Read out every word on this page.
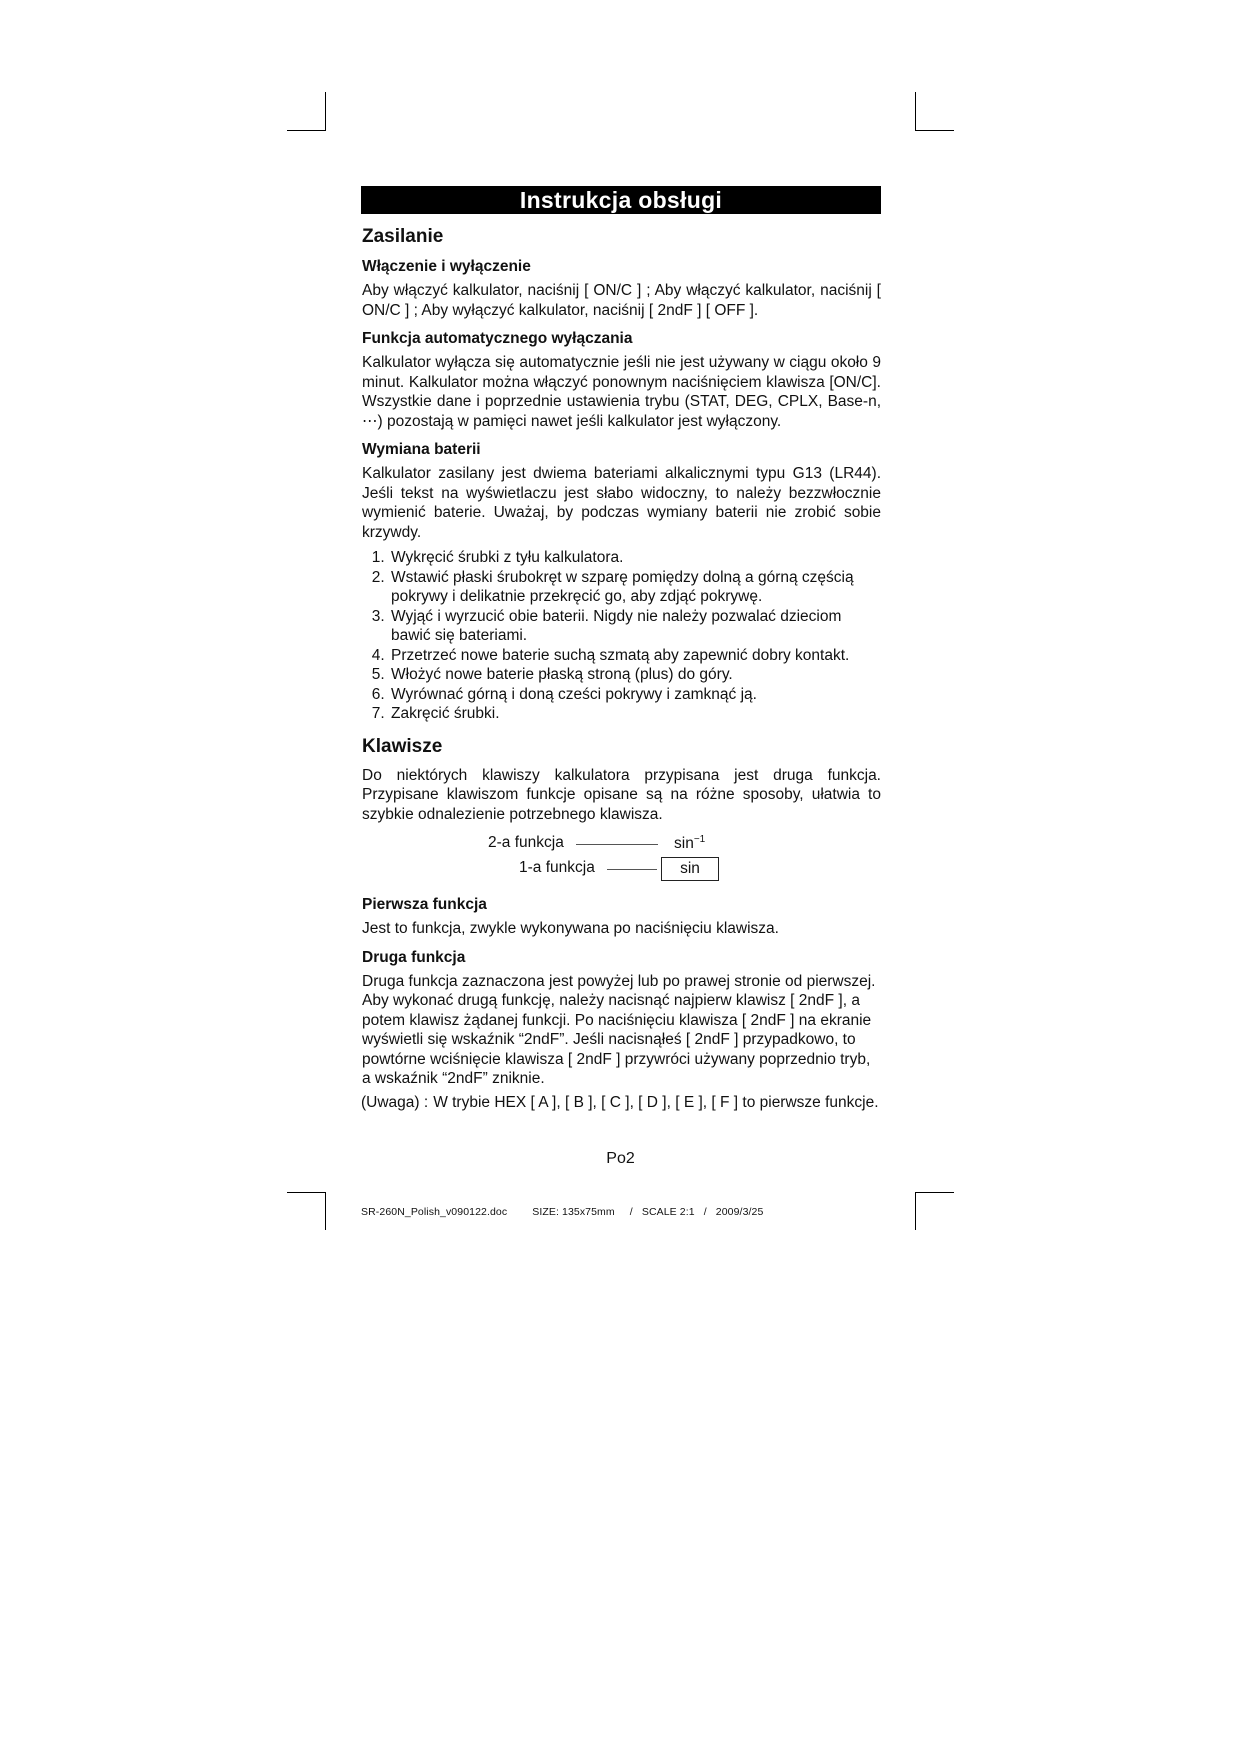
Instrukcja obsługi
Zasilanie
Włączenie i wyłączenie

Aby włączyć kalkulator, naciśnij [ ON/C ] ; Aby włączyć kalkulator, naciśnij [ ON/C ] ; Aby wyłączyć kalkulator, naciśnij [ 2ndF ] [ OFF ].

Funkcja automatycznego wyłączania

Kalkulator wyłącza się automatycznie jeśli nie jest używany w ciągu około 9 minut. Kalkulator można włączyć ponownym naciśnięciem klawisza [ON/C]. Wszystkie dane i poprzednie ustawienia trybu (STAT, DEG, CPLX, Base-n, ⋯) pozostają w pamięci nawet jeśli kalkulator jest wyłączony.

Wymiana baterii

Kalkulator zasilany jest dwiema bateriami alkalicznymi typu G13 (LR44). Jeśli tekst na wyświetlaczu jest słabo widoczny, to należy bezzwłocznie wymienić baterie. Uważaj, by podczas wymiany baterii nie zrobić sobie krzywdy.

1. Wykręcić śrubki z tyłu kalkulatora.
2. Wstawić płaski śrubokręt w szparę pomiędzy dolną a górną częścią pokrywy i delikatnie przekręcić go, aby zdjąć pokrywę.
3. Wyjąć i wyrzucić obie baterii. Nigdy nie należy pozwalać dzieciom bawić się bateriami.
4. Przetrzeć nowe baterie suchą szmatą aby zapewnić dobry kontakt.
5. Włożyć nowe baterie płaską stroną (plus) do góry.
6. Wyrównać górną i doną cześci pokrywy i zamknąć ją.
7. Zakręcić śrubki.
Klawisze

Do niektórych klawiszy kalkulatora przypisana jest druga funkcja. Przypisane klawiszom funkcje opisane są na różne sposoby, ułatwia to szybkie odnalezienie potrzebnego klawisza.

2-a funkcja	$\sin^{-1}$
1-a funkcja	sin
Pierwsza funkcja

Jest to funkcja, zwykle wykonywana po naciśnięciu klawisza.

Druga funkcja

Druga funkcja zaznaczona jest powyżej lub po prawej stronie od pierwszej. Aby wykonać drugą funkcję, należy nacisnąć najpierw klawisz [ 2ndF ], a potem klawisz żądanej funkcji. Po naciśnięciu klawisza [ 2ndF ] na ekranie wyświetli się wskaźnik “2ndF”. Jeśli nacisnąłeś [ 2ndF ] przypadkowo, to powtórne wciśnięcie klawisza [ 2ndF ] przywróci używany poprzednio tryb, a wskaźnik “2ndF” zniknie.

(Uwaga) : W trybie HEX [ A ], [ B ], [ C ], [ D ], [ E ], [ F ] to pierwsze funkcje.
Po2
SR-260N_Polish_v090122.doc SIZE: 135x75mm / SCALE 2:1 / 2009/3/25
